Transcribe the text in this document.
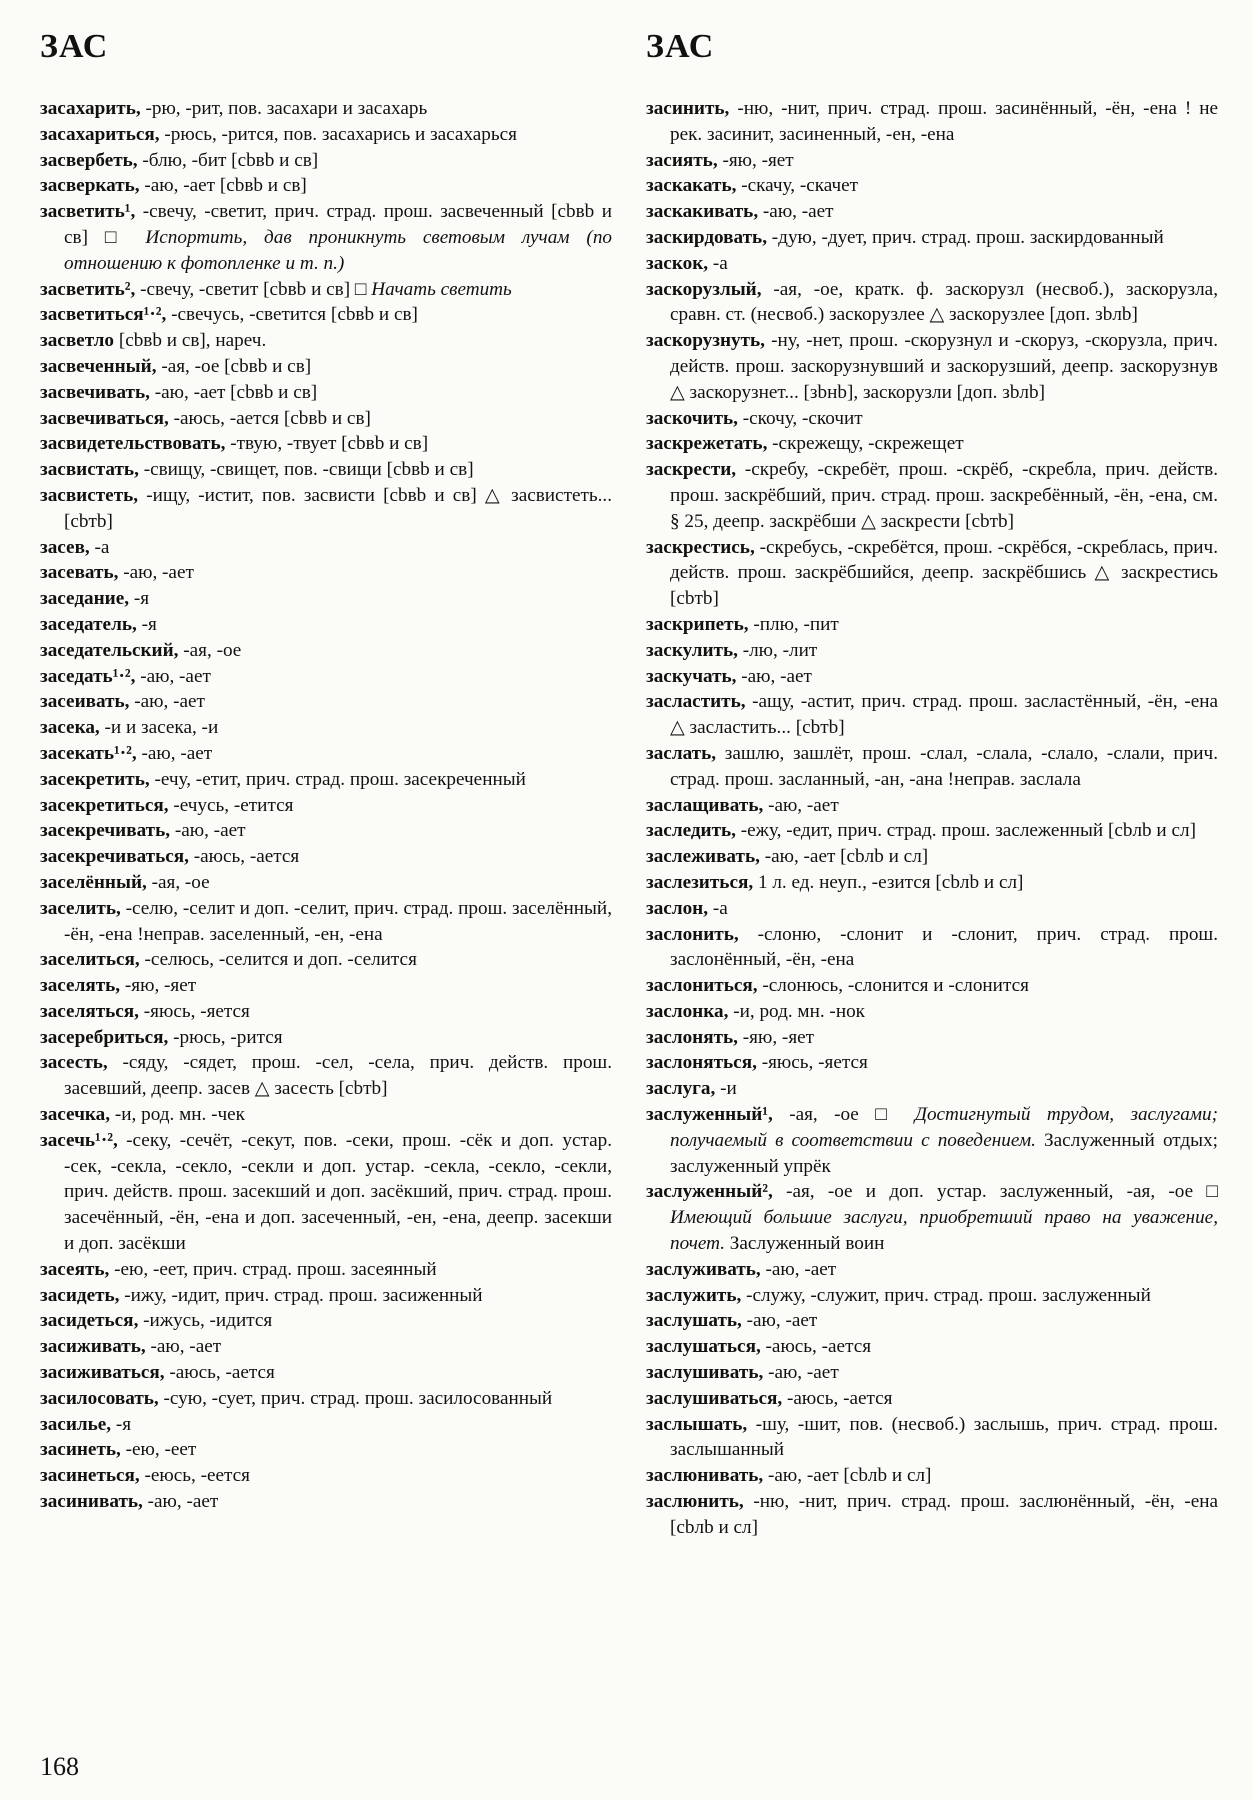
ЗАС	ЗАС

засахарить, -рю, -рит, пов. засахари и засахарь

засахариться, -рюсь, -рится, пов. засахарись и засахарься

засвербеть, -блю, -бит [сbвb и св]

засверкать, -аю, -ает [сbвb и св]

засветить¹, -свечу, -светит, прич. страд. прош. засвеченный [сbвb и св] □ Испортить, дав проникнуть световым лучам (по отношению к фотопленке и т. п.)

засветить², -свечу, -светит [сbвb и св] □ Начать светить

засветиться¹·², -свечусь, -светится [сbвb и св]

засветло [сbвb и св], нареч.

засвеченный, -ая, -ое [сbвb и св]

засвечивать, -аю, -ает [сbвb и св]

засвечиваться, -аюсь, -ается [сbвb и св]

засвидетельствовать, -твую, -твует [сbвb и св]

засвистать, -свищу, -свищет, пов. -свищи [сbвb и св]

засвистеть, -ищу, -истит, пов. засвисти [сbвb и св] △ засвистеть... [сbтb]

засев, -а

засевать, -аю, -ает

заседание, -я

заседатель, -я

заседательский, -ая, -ое

заседать¹·², -аю, -ает

засеивать, -аю, -ает

засека, -и и засека, -и

засекать¹·², -аю, -ает

засекретить, -ечу, -етит, прич. страд. прош. засекреченный

засекретиться, -ечусь, -етится

засекречивать, -аю, -ает

засекречиваться, -аюсь, -ается

заселённый, -ая, -ое

заселить, -селю, -селит и доп. -селит, прич. страд. прош. заселённый, -ён, -ена !неправ. заселенный, -ен, -ена

заселиться, -селюсь, -селится и доп. -селится

заселять, -яю, -яет

заселяться, -яюсь, -яется

засеребриться, -рюсь, -рится

засесть, -сяду, -сядет, прош. -сел, -села, прич. действ. прош. засевший, деепр. засев △ засесть [сbтb]

засечка, -и, род. мн. -чек

засечь¹·², -секу, -сечёт, -секут, пов. -секи, прош. -сёк и доп. устар. -сек, -секла, -секло, -секли и доп. устар. -секла, -секло, -секли, прич. действ. прош. засекший и доп. засёкший, прич. страд. прош. засечённый, -ён, -ена и доп. засеченный, -ен, -ена, деепр. засекши и доп. засёкши

засеять, -ею, -еет, прич. страд. прош. засеянный

засидеть, -ижу, -идит, прич. страд. прош. засиженный

засидеться, -ижусь, -идится

засиживать, -аю, -ает

засиживаться, -аюсь, -ается

засилосовать, -сую, -сует, прич. страд. прош. засилосованный

засилье, -я

засинеть, -ею, -еет

засинеться, -еюсь, -еется

засинивать, -аю, -ает

засинить, -ню, -нит, прич. страд. прош. засинённый, -ён, -ена ! не рек. засинит, засиненный, -ен, -ена

засиять, -яю, -яет

заскакать, -скачу, -скачет

заскакивать, -аю, -ает

заскирдовать, -дую, -дует, прич. страд. прош. заскирдованный

заскок, -а

заскорузлый, -ая, -ое, кратк. ф. заскорузл (несвоб.), заскорузла, сравн. ст. (несвоб.) заскорузлее △ заскорузлее [доп. зbлb]

заскорузнуть, -ну, -нет, прош. -скорузнул и -скоруз, -скорузла, прич. действ. прош. заскорузнувший и заскорузший, деепр. заскорузнув △ заскорузнет... [зbнb], заскорузли [доп. зbлb]

заскочить, -скочу, -скочит

заскрежетать, -скрежещу, -скрежещет

заскрести, -скребу, -скребёт, прош. -скрёб, -скребла, прич. действ. прош. заскрёбший, прич. страд. прош. заскребённый, -ён, -ена, см. § 25, деепр. заскрёбши △ заскрести [сbтb]

заскрестись, -скребусь, -скребётся, прош. -скрёбся, -скреблась, прич. действ. прош. заскрёбшийся, деепр. заскрёбшись △ заскрестись [сbтb]

заскрипеть, -плю, -пит

заскулить, -лю, -лит

заскучать, -аю, -ает

засластить, -ащу, -астит, прич. страд. прош. засластённый, -ён, -ена △ засластить... [сbтb]

заслать, зашлю, зашлёт, прош. -слал, -слала, -слало, -слали, прич. страд. прош. засланный, -ан, -ана !неправ. заслала

заслащивать, -аю, -ает

заследить, -ежу, -едит, прич. страд. прош. заслеженный [сbлb и сл]

заслеживать, -аю, -ает [сbлb и сл]

заслезиться, 1 л. ед. неуп., -езится [сbлb и сл]

заслон, -а

заслонить, -слоню, -слонит и -слонит, прич. страд. прош. заслонённый, -ён, -ена

заслониться, -слонюсь, -слонится и -слонится

заслонка, -и, род. мн. -нок

заслонять, -яю, -яет

заслоняться, -яюсь, -яется

заслуга, -и

заслуженный¹, -ая, -ое □ Достигнутый трудом, заслугами; получаемый в соответствии с поведением. Заслуженный отдых; заслуженный упрёк

заслуженный², -ая, -ое и доп. устар. заслуженный, -ая, -ое □ Имеющий большие заслуги, приобретший право на уважение, почет. Заслуженный воин

заслуживать, -аю, -ает

заслужить, -служу, -служит, прич. страд. прош. заслуженный

заслушать, -аю, -ает

заслушаться, -аюсь, -ается

заслушивать, -аю, -ает

заслушиваться, -аюсь, -ается

заслышать, -шу, -шит, пов. (несвоб.) заслышь, прич. страд. прош. заслышанный

заслюнивать, -аю, -ает [сbлb и сл]

заслюнить, -ню, -нит, прич. страд. прош. заслюнённый, -ён, -ена [сbлb и сл]

168
